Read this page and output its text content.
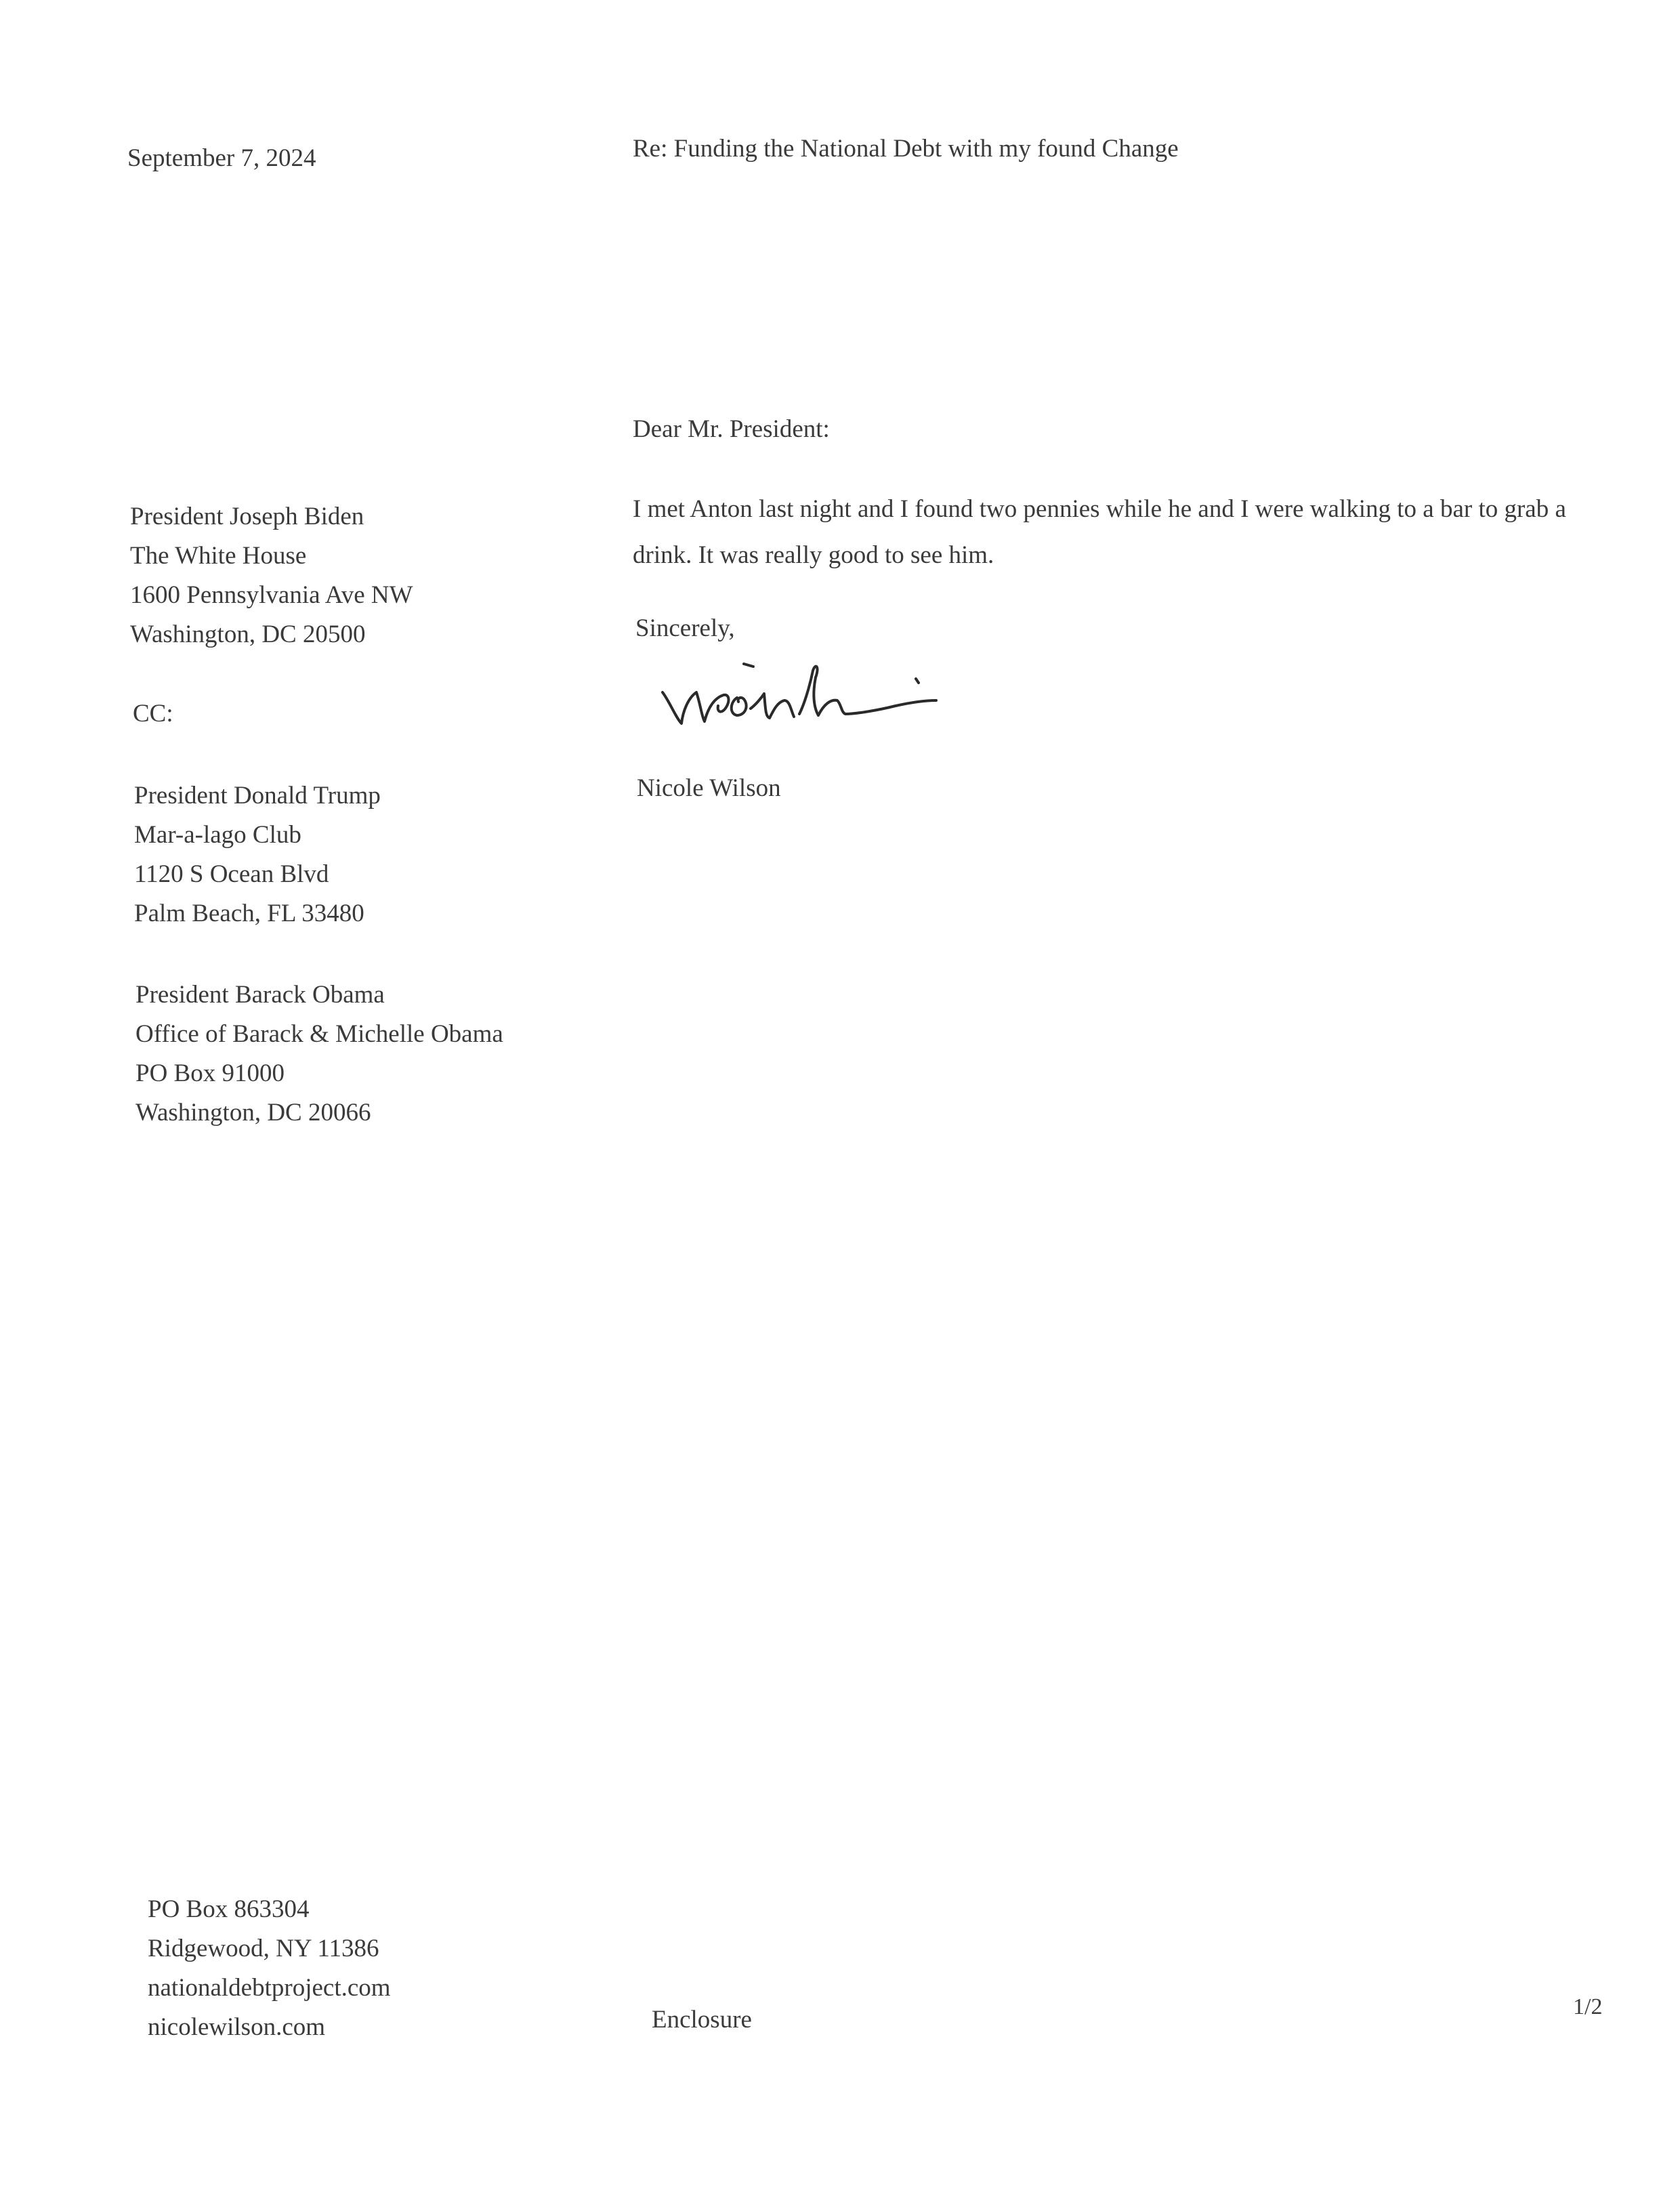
September 7, 2024	Re: Funding the National Debt with my found Change
Dear Mr. President:
I met Anton last night and I found two pennies while he and I were walking to a bar to grab a drink. It was really good to see him.
Sincerely,
Nicole Wilson
President Joseph Biden
The White House
1600 Pennsylvania Ave NW
Washington, DC 20500
CC:
President Donald Trump
Mar-a-lago Club
1120 S Ocean Blvd
Palm Beach, FL 33480
President Barack Obama
Office of Barack & Michelle Obama
PO Box 91000
Washington, DC 20066
PO Box 863304
Ridgewood, NY 11386
nationaldebtproject.com
nicolewilson.com	Enclosure	1/2
